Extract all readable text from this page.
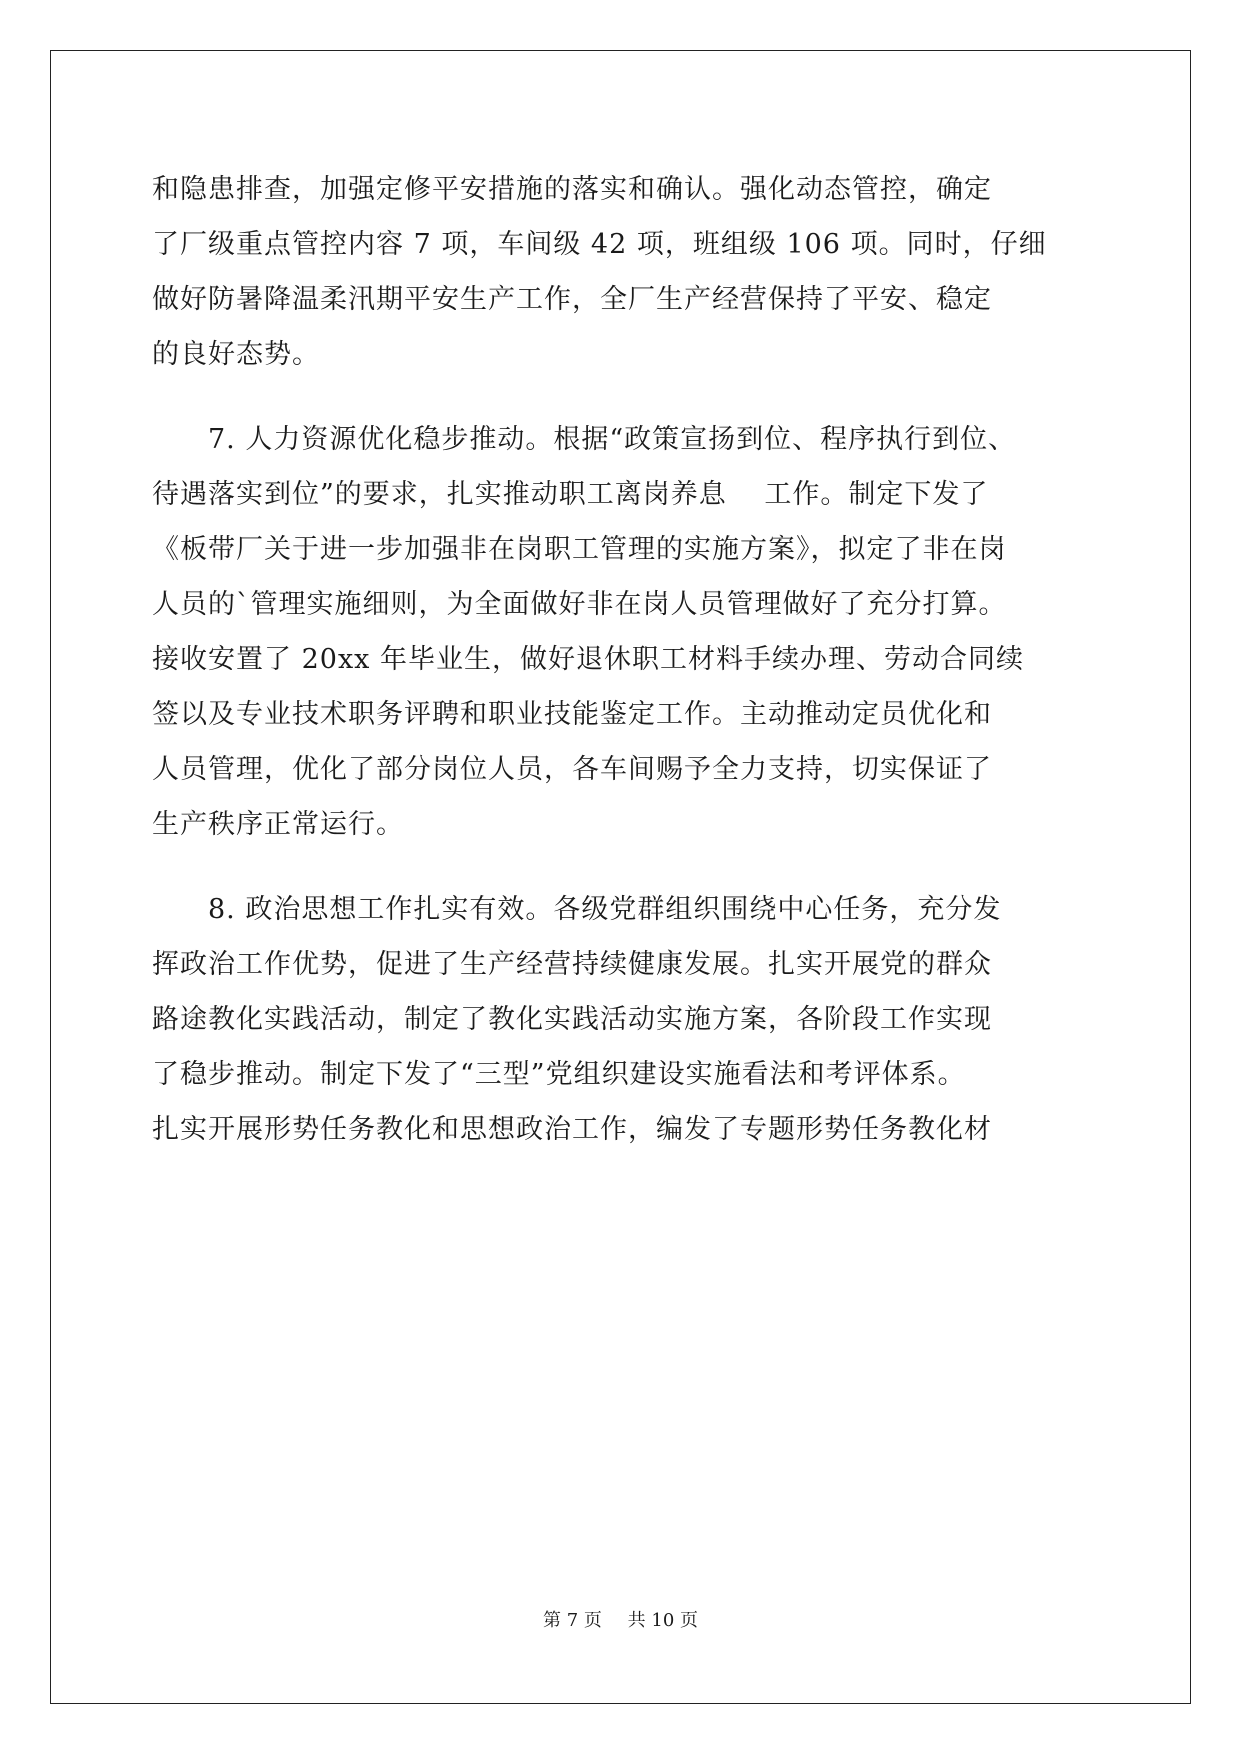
和隐患排查，加强定修平安措施的落实和确认。强化动态管控，确定
了厂级重点管控内容 7 项，车间级 42 项，班组级 106 项。同时，仔细
做好防暑降温柔汛期平安生产工作，全厂生产经营保持了平安、稳定
的良好态势。
　　7. 人力资源优化稳步推动。根据“政策宣扬到位、程序执行到位、
待遇落实到位”的要求，扎实推动职工离岗养息　 工作。制定下发了
《板带厂关于进一步加强非在岗职工管理的实施方案》，拟定了非在岗
人员的`管理实施细则，为全面做好非在岗人员管理做好了充分打算。
接收安置了 20xx 年毕业生，做好退休职工材料手续办理、劳动合同续
签以及专业技术职务评聘和职业技能鉴定工作。主动推动定员优化和
人员管理，优化了部分岗位人员，各车间赐予全力支持，切实保证了
生产秩序正常运行。
　　8. 政治思想工作扎实有效。各级党群组织围绕中心任务，充分发
挥政治工作优势，促进了生产经营持续健康发展。扎实开展党的群众
路途教化实践活动，制定了教化实践活动实施方案，各阶段工作实现
了稳步推动。制定下发了“三型”党组织建设实施看法和考评体系。
扎实开展形势任务教化和思想政治工作，编发了专题形势任务教化材
第 7 页 共 10 页
